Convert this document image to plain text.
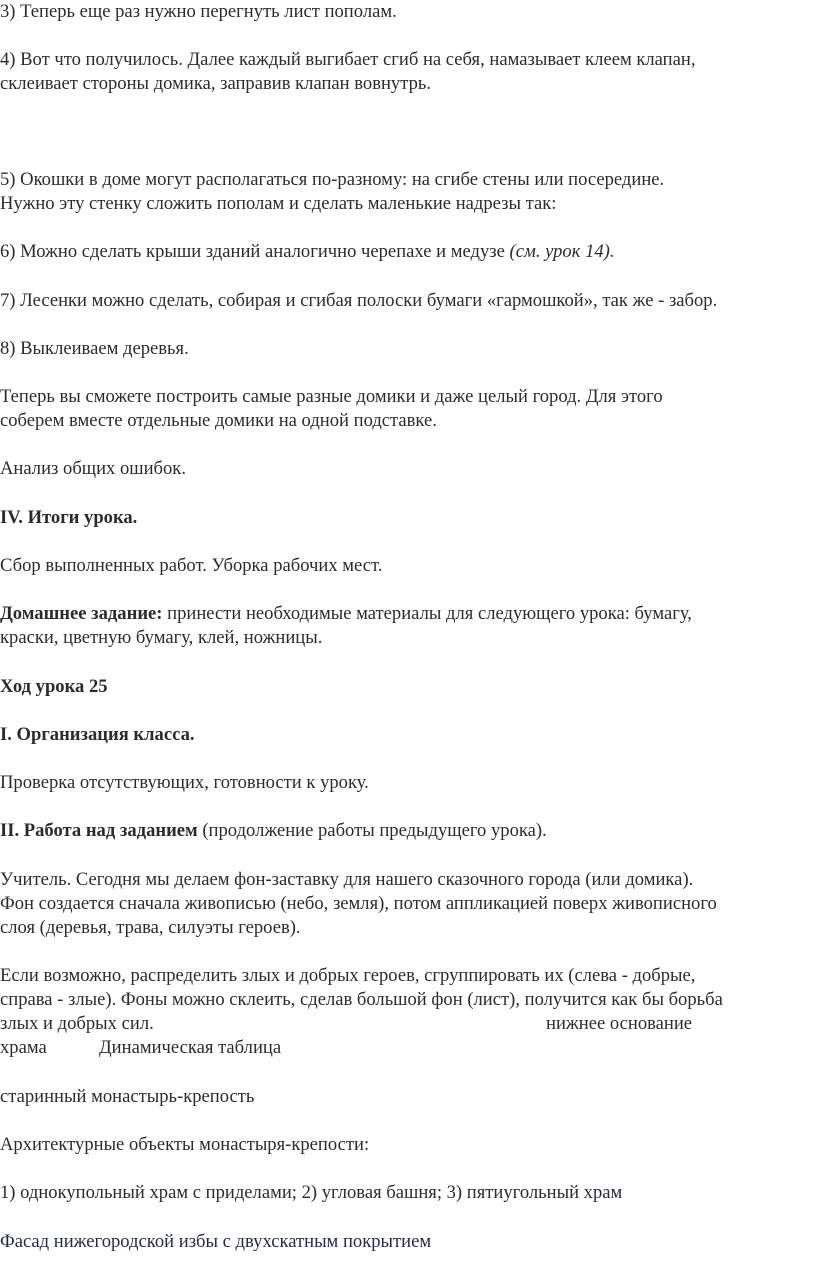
3) Теперь еще раз нужно перегнуть лист пополам.

4) Вот что получилось. Далее каждый выгибает сгиб на себя, намазывает клеем клапан,

склеивает стороны домика, заправив клапан вовнутрь.

5) Окошки в доме могут располагаться по-разному: на сгибе стены или посередине.

Нужно эту стенку сложить пополам и сделать маленькие надрезы так:

6) Можно сделать крыши зданий аналогично черепахе и медузе (см. урок 14).

7) Лесенки можно сделать, собирая и сгибая полоски бумаги «гармошкой», так же - забор.

8) Выклеиваем деревья.

Теперь вы сможете построить самые разные домики и даже целый город. Для этого

соберем вместе отдельные домики на одной подставке.

Анализ общих ошибок.

IV. Итоги урока.

Сбор выполненных работ. Уборка рабочих мест.

Домашнее задание: принести необходимые материалы для следующего урока: бумагу,

краски, цветную бумагу, клей, ножницы.

Ход урока 25

I. Организация класса.

Проверка отсутствующих, готовности к уроку.

II. Работа над заданием (продолжение работы предыдущего урока).

Учитель. Сегодня мы делаем фон-заставку для нашего сказочного города (или домика).

Фон создается сначала живописью (небо, земля), потом аппликацией поверх живописного

слоя (деревья, трава, силуэты героев).

Если возможно, распределить злых и добрых героев, сгруппировать их (слева - добрые,

справа - злые). Фоны можно склеить, сделав большой фон (лист), получится как бы борьба

злых и добрых сил.	нижнее основание

храма	Динамическая таблица

старинный монастырь-крепость

Архитектурные объекты монастыря-крепости:

1) однокупольный храм с приделами; 2) угловая башня; 3) пятиугольный храм

Фасад нижегородской избы с двухскатным покрытием
